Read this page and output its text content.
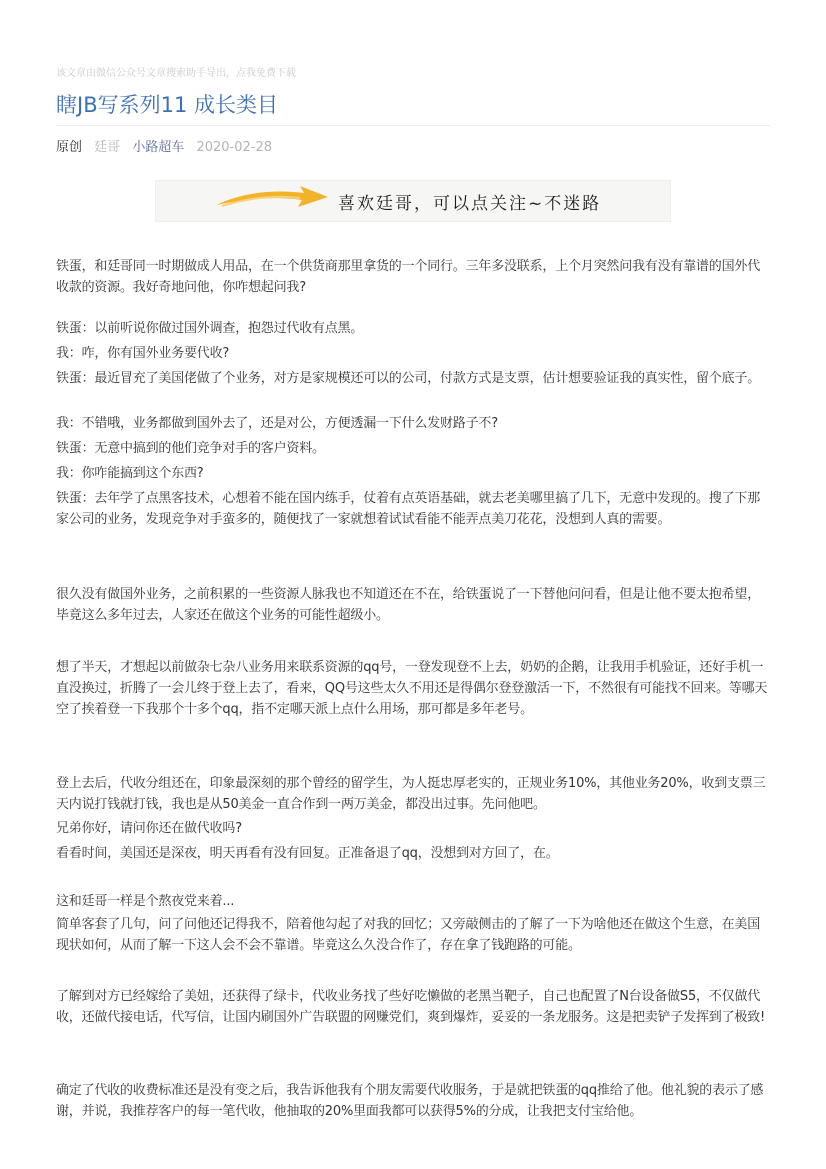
该文章由微信公众号文章搜索助手导出，点我免费下载
瞎JB写系列11 成长类目
原创 廷哥 小路超车 2020-02-28
喜欢廷哥，可以点关注~不迷路

铁蛋，和廷哥同一时期做成人用品，在一个供货商那里拿货的一个同行。三年多没联系，上个月突然问我有没有靠谱的国外代收款的资源。我好奇地问他，你咋想起问我?

铁蛋：以前听说你做过国外调查，抱怨过代收有点黑。

我：咋，你有国外业务要代收?

铁蛋：最近冒充了美国佬做了个业务，对方是家规模还可以的公司，付款方式是支票，估计想要验证我的真实性，留个底子。

我：不错哦，业务都做到国外去了，还是对公，方便透漏一下什么发财路子不?

铁蛋：无意中搞到的他们竞争对手的客户资料。

我：你咋能搞到这个东西?

铁蛋：去年学了点黑客技术，心想着不能在国内练手，仗着有点英语基础，就去老美哪里搞了几下，无意中发现的。搜了下那家公司的业务，发现竞争对手蛮多的，随便找了一家就想着试试看能不能弄点美刀花花，没想到人真的需要。

很久没有做国外业务，之前积累的一些资源人脉我也不知道还在不在，给铁蛋说了一下替他问问看，但是让他不要太抱希望，毕竟这么多年过去，人家还在做这个业务的可能性超级小。

想了半天，才想起以前做杂七杂八业务用来联系资源的qq号，一登发现登不上去，奶奶的企鹅，让我用手机验证，还好手机一直没换过，折腾了一会儿终于登上去了，看来，QQ号这些太久不用还是得偶尔登登激活一下，不然很有可能找不回来。等哪天空了挨着登一下我那个十多个qq，指不定哪天派上点什么用场，那可都是多年老号。

登上去后，代收分组还在，印象最深刻的那个曾经的留学生，为人挺忠厚老实的，正规业务10%，其他业务20%，收到支票三天内说打钱就打钱，我也是从50美金一直合作到一两万美金，都没出过事。先问他吧。

兄弟你好，请问你还在做代收吗?

看看时间，美国还是深夜，明天再看有没有回复。正准备退了qq，没想到对方回了，在。

这和廷哥一样是个熬夜党来着...

简单客套了几句，问了问他还记得我不，陪着他勾起了对我的回忆；又旁敲侧击的了解了一下为啥他还在做这个生意，在美国现状如何，从而了解一下这人会不会不靠谱。毕竟这么久没合作了，存在拿了钱跑路的可能。

了解到对方已经嫁给了美妞，还获得了绿卡，代收业务找了些好吃懒做的老黑当靶子，自己也配置了N台设备做S5，不仅做代收，还做代接电话，代写信，让国内刷国外广告联盟的网赚党们，爽到爆炸，妥妥的一条龙服务。这是把卖铲子发挥到了极致!

确定了代收的收费标准还是没有变之后，我告诉他我有个朋友需要代收服务，于是就把铁蛋的qq推给了他。他礼貌的表示了感谢，并说，我推荐客户的每一笔代收，他抽取的20%里面我都可以获得5%的分成，让我把支付宝给他。
